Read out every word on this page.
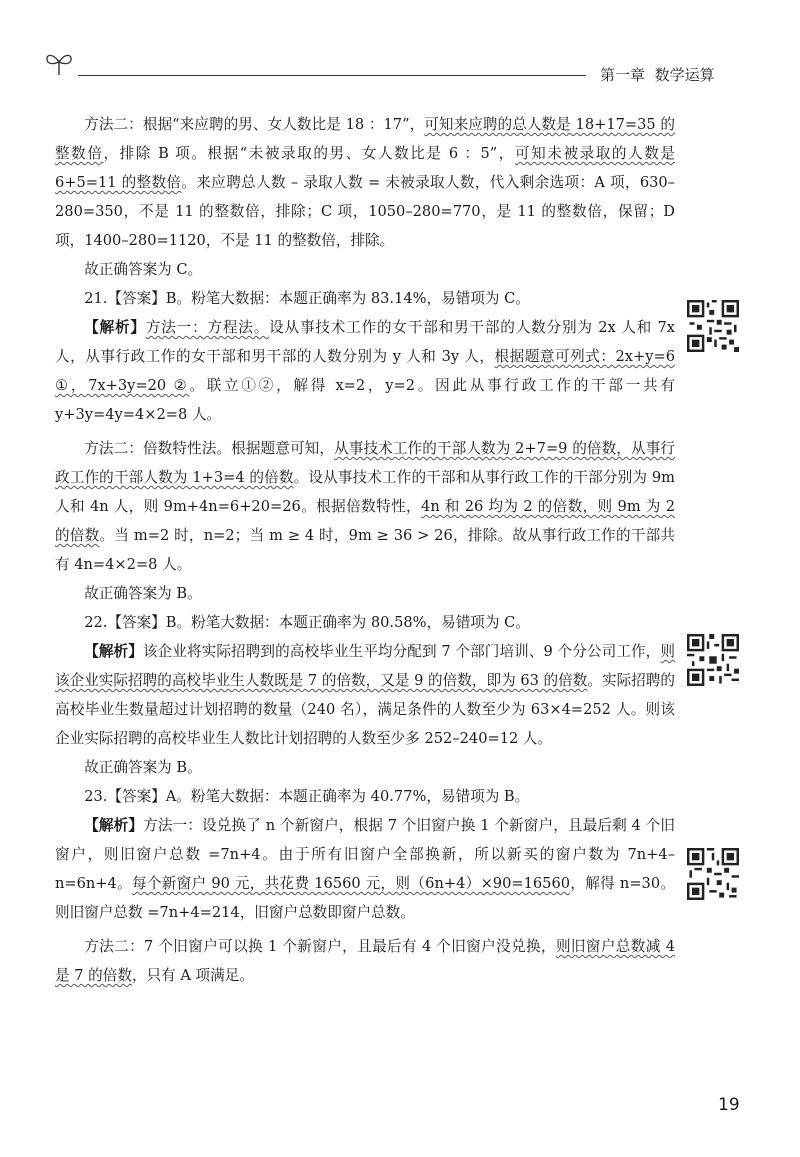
第一章 数学运算

方法二：根据“来应聘的男、女人数比是 18 ：17”，可知来应聘的总人数是 18+17=35 的整数倍，排除 B 项。根据“未被录取的男、女人数比是 6 ：5”，可知未被录取的人数是 6+5=11 的整数倍。来应聘总人数 – 录取人数 = 未被录取人数，代入剩余选项：A 项，630–280=350，不是 11 的整数倍，排除；C 项，1050–280=770，是 11 的整数倍，保留；D 项，1400–280=1120，不是 11 的整数倍，排除。

故正确答案为 C。

21.【答案】B。粉笔大数据：本题正确率为 83.14%，易错项为 C。

【解析】方法一：方程法。设从事技术工作的女干部和男干部的人数分别为 2x 人和 7x 人，从事行政工作的女干部和男干部的人数分别为 y 人和 3y 人，根据题意可列式：2x+y=6 ①，7x+3y=20 ②。联立①②，解得 x=2，y=2。因此从事行政工作的干部一共有 y+3y=4y=4×2=8 人。

方法二：倍数特性法。根据题意可知，从事技术工作的干部人数为 2+7=9 的倍数，从事行政工作的干部人数为 1+3=4 的倍数。设从事技术工作的干部和从事行政工作的干部分别为 9m 人和 4n 人，则 9m+4n=6+20=26。根据倍数特性，4n 和 26 均为 2 的倍数，则 9m 为 2 的倍数。当 m=2 时，n=2；当 m ≥ 4 时，9m ≥ 36 > 26，排除。故从事行政工作的干部共有 4n=4×2=8 人。

故正确答案为 B。

22.【答案】B。粉笔大数据：本题正确率为 80.58%，易错项为 C。

【解析】该企业将实际招聘到的高校毕业生平均分配到 7 个部门培训、9 个分公司工作，则该企业实际招聘的高校毕业生人数既是 7 的倍数，又是 9 的倍数，即为 63 的倍数。实际招聘的高校毕业生数量超过计划招聘的数量（240 名），满足条件的人数至少为 63×4=252 人。则该企业实际招聘的高校毕业生人数比计划招聘的人数至少多 252–240=12 人。

故正确答案为 B。

23.【答案】A。粉笔大数据：本题正确率为 40.77%，易错项为 B。

【解析】方法一：设兑换了 n 个新窗户，根据 7 个旧窗户换 1 个新窗户，且最后剩 4 个旧窗户，则旧窗户总数 =7n+4。由于所有旧窗户全部换新，所以新买的窗户数为 7n+4–n=6n+4。每个新窗户 90 元，共花费 16560 元，则（6n+4）×90=16560，解得 n=30。则旧窗户总数 =7n+4=214，旧窗户总数即窗户总数。

方法二：7 个旧窗户可以换 1 个新窗户，且最后有 4 个旧窗户没兑换，则旧窗户总数减 4 是 7 的倍数，只有 A 项满足。

19
